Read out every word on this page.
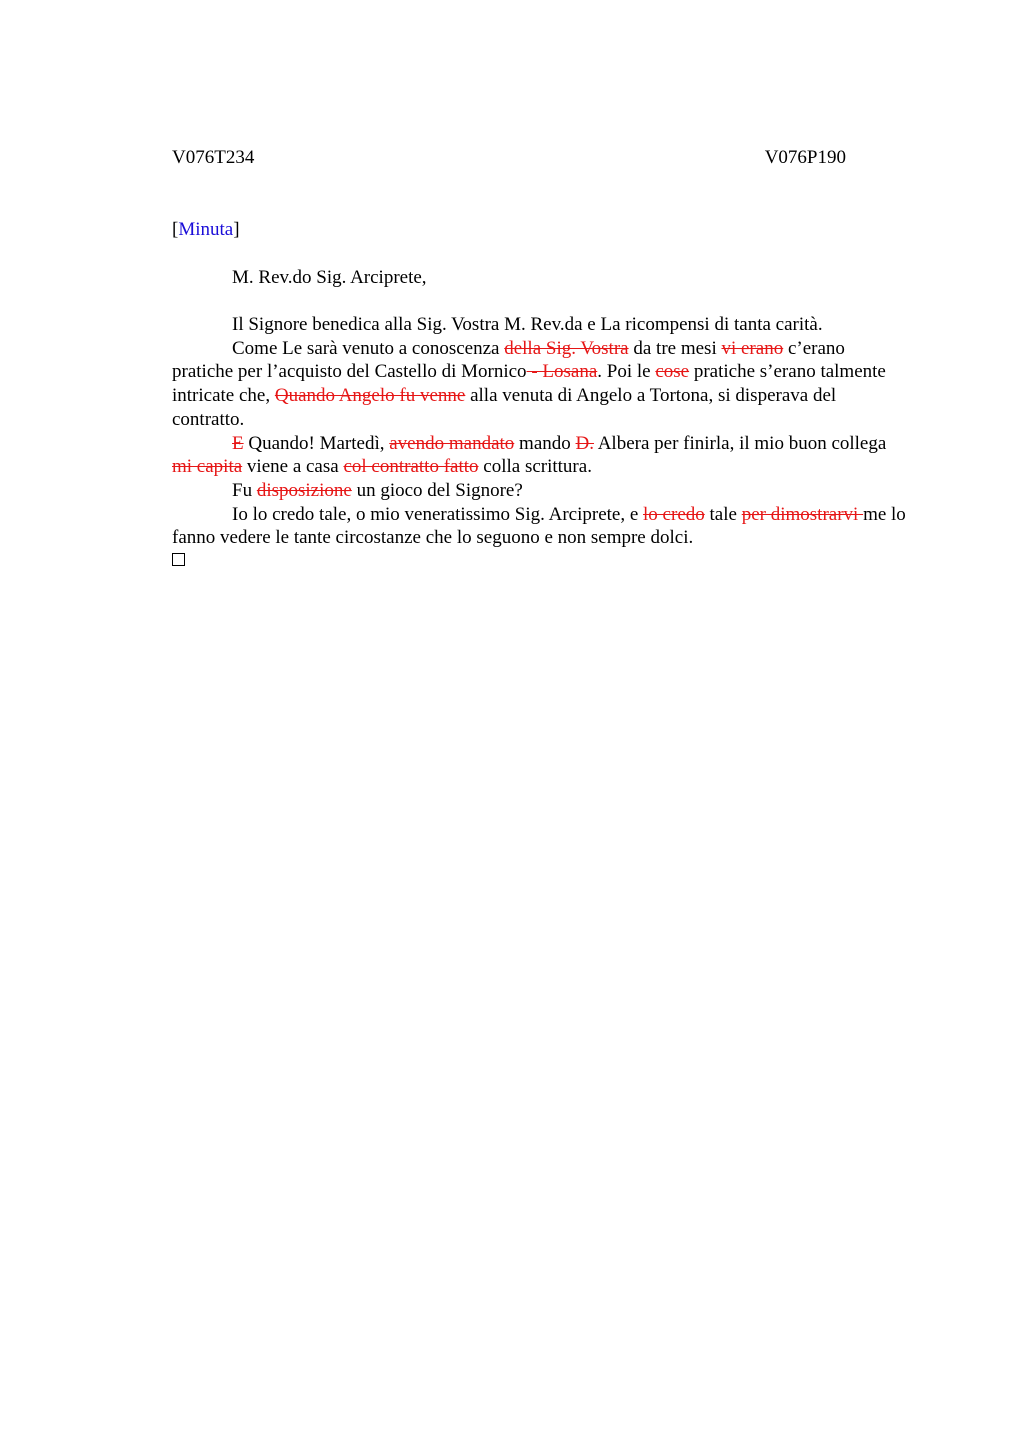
V076T234	V076P190
[Minuta]
M. Rev.do Sig. Arciprete,

Il Signore benedica alla Sig. Vostra M. Rev.da e La ricompensi di tanta carità.

Come Le sarà venuto a conoscenza della Sig. Vostra da tre mesi vi erano c’erano pratiche per l’acquisto del Castello di Mornico - Losana. Poi le cose pratiche s’erano talmente intricate che, Quando Angelo fu venne alla venuta di Angelo a Tortona, si disperava del contratto.

E Quando! Martedì, avendo mandato mando D. Albera per finirla, il mio buon collega mi capita viene a casa col contratto fatto colla scrittura.

Fu disposizione un gioco del Signore?

Io lo credo tale, o mio veneratissimo Sig. Arciprete, e lo credo tale per dimostrarvi me lo fanno vedere le tante circostanze che lo seguono e non sempre dolci.
